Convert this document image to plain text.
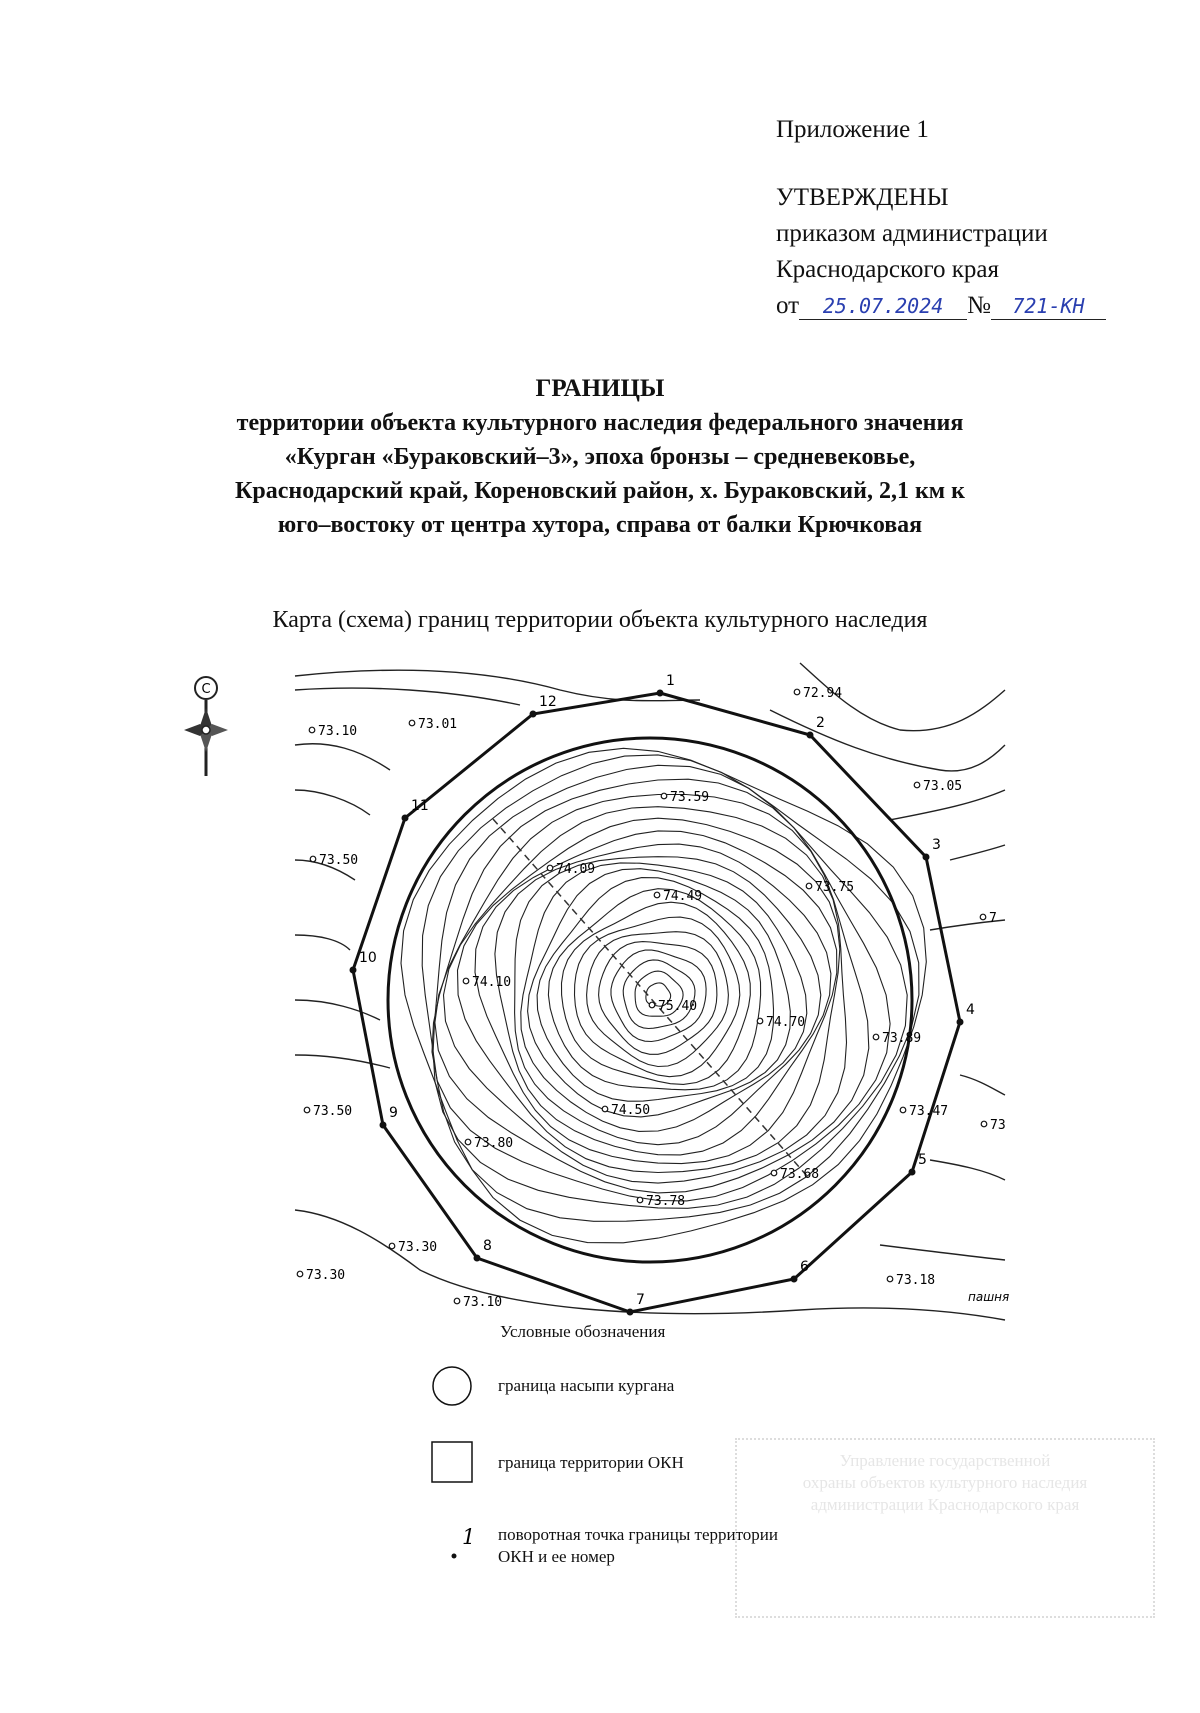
Приложение 1
УТВЕРЖДЕНЫ
приказом администрации
Краснодарского края
от 25.07.2024 № 721-КН
ГРАНИЦЫ
территории объекта культурного наследия федерального значения
«Курган «Бураковский–3», эпоха бронзы – средневековье,
Краснодарский край, Кореновский район, х. Бураковский, 2,1 км к
юго–востоку от центра хутора, справа от балки Крючковая
Карта (схема) границ территории объекта культурного наследия
C
1
2
3
4
5
6
7
8
9
10
11
12
72.94
73.05
73.10	73.01
73.59
73.50
74.09
74.49
73.75
7
74.10
75.40
74.70
73.89
73.50	74.50	73.47
73
73.80
73.68
73.78
73.30
73.30	73.18
73.10	пашня
Условные обозначения
граница насыпи кургана
граница территории ОКН
1 поворотная точка границы территории
ОКН и ее номер
Управление государственной
охраны объектов культурного наследия
администрации Краснодарского края
